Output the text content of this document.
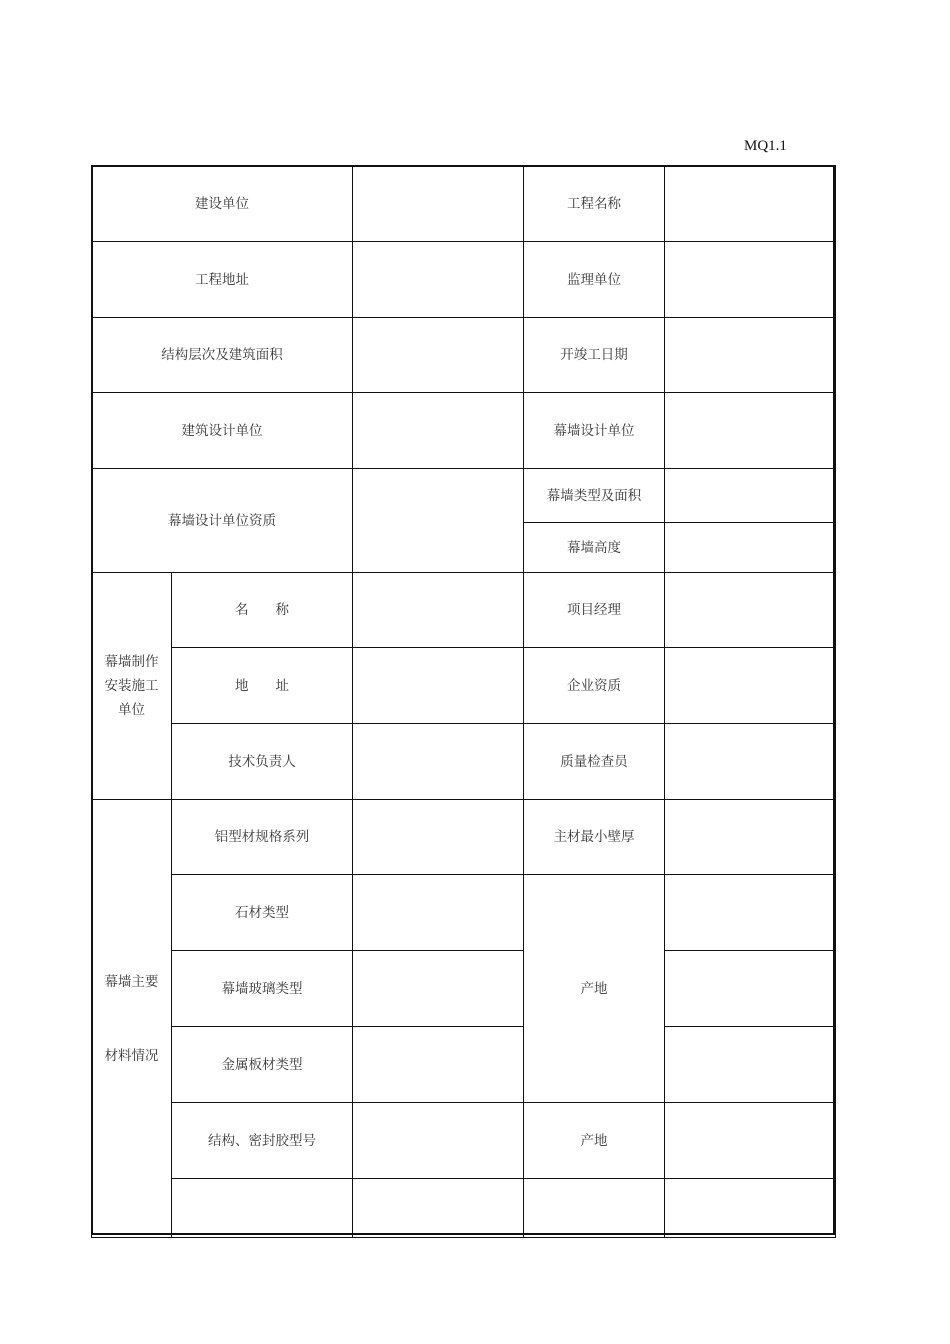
MQ1.1
建设单位			工程名称	
工程地址			监理单位	
结构层次及建筑面积			开竣工日期	
建筑设计单位			幕墙设计单位	
幕墙设计单位资质			幕墙类型及面积	
			幕墙高度	
幕墙制作安装施工单位	名　　称		项目经理	
	地　　址		企业资质	
	技术负责人		质量检查员	

幕墙主要
材料情况	铝型材规格系列		主材最小壁厚	
	石材类型		产地	
	幕墙玻璃类型			
	金属板材类型			
	结构、密封胶型号		产地	
